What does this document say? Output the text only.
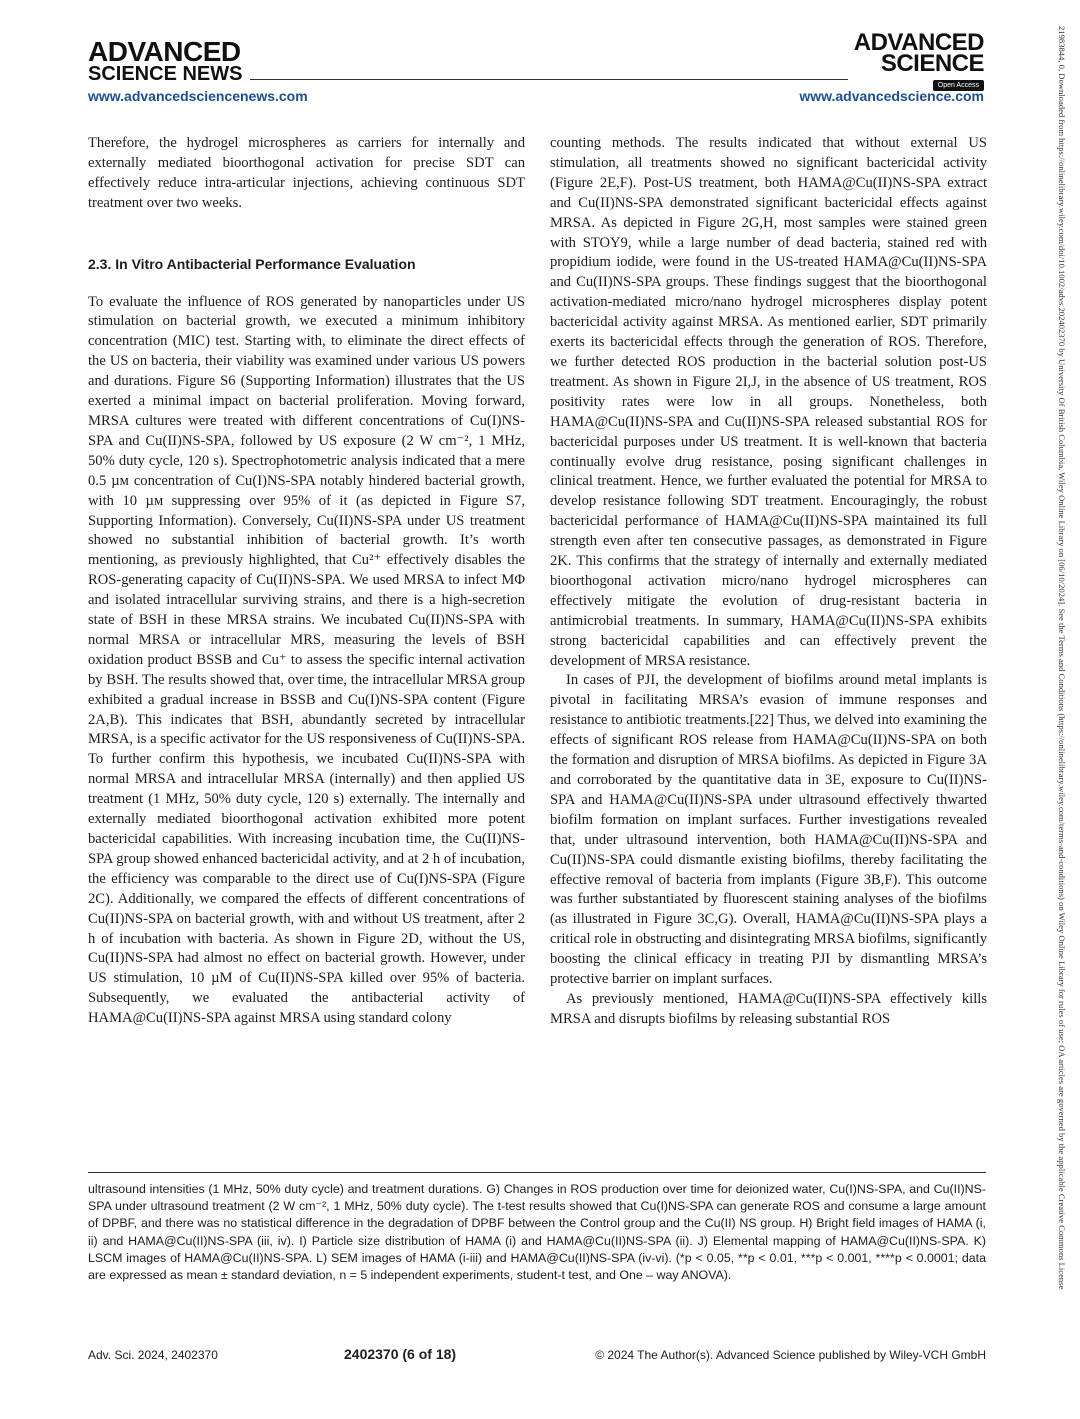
ADVANCED
SCIENCE NEWS
ADVANCED
SCIENCE
Open Access
www.advancedsciencenews.com	www.advancedscience.com

Therefore, the hydrogel microspheres as carriers for internally and externally mediated bioorthogonal activation for precise SDT can effectively reduce intra-articular injections, achieving continuous SDT treatment over two weeks.

2.3. In Vitro Antibacterial Performance Evaluation

To evaluate the influence of ROS generated by nanoparticles under US stimulation on bacterial growth, we executed a minimum inhibitory concentration (MIC) test. Starting with, to eliminate the direct effects of the US on bacteria, their viability was examined under various US powers and durations. Figure S6 (Supporting Information) illustrates that the US exerted a minimal impact on bacterial proliferation. Moving forward, MRSA cultures were treated with different concentrations of Cu(I)NS-SPA and Cu(II)NS-SPA, followed by US exposure (2 W cm⁻², 1 MHz, 50% duty cycle, 120 s). Spectrophotometric analysis indicated that a mere 0.5 µм concentration of Cu(I)NS-SPA notably hindered bacterial growth, with 10 µм suppressing over 95% of it (as depicted in Figure S7, Supporting Information). Conversely, Cu(II)NS-SPA under US treatment showed no substantial inhibition of bacterial growth. It’s worth mentioning, as previously highlighted, that Cu²⁺ effectively disables the ROS-generating capacity of Cu(II)NS-SPA. We used MRSA to infect MΦ and isolated intracellular surviving strains, and there is a high-secretion state of BSH in these MRSA strains. We incubated Cu(II)NS-SPA with normal MRSA or intracellular MRS, measuring the levels of BSH oxidation product BSSB and Cu⁺ to assess the specific internal activation by BSH. The results showed that, over time, the intracellular MRSA group exhibited a gradual increase in BSSB and Cu(I)NS-SPA content (Figure 2A,B). This indicates that BSH, abundantly secreted by intracellular MRSA, is a specific activator for the US responsiveness of Cu(II)NS-SPA. To further confirm this hypothesis, we incubated Cu(II)NS-SPA with normal MRSA and intracellular MRSA (internally) and then applied US treatment (1 MHz, 50% duty cycle, 120 s) externally. The internally and externally mediated bioorthogonal activation exhibited more potent bactericidal capabilities. With increasing incubation time, the Cu(II)NS-SPA group showed enhanced bactericidal activity, and at 2 h of incubation, the efficiency was comparable to the direct use of Cu(I)NS-SPA (Figure 2C). Additionally, we compared the effects of different concentrations of Cu(II)NS-SPA on bacterial growth, with and without US treatment, after 2 h of incubation with bacteria. As shown in Figure 2D, without the US, Cu(II)NS-SPA had almost no effect on bacterial growth. However, under US stimulation, 10 µM of Cu(II)NS-SPA killed over 95% of bacteria. Subsequently, we evaluated the antibacterial activity of HAMA@Cu(II)NS-SPA against MRSA using standard colony

counting methods. The results indicated that without external US stimulation, all treatments showed no significant bactericidal activity (Figure 2E,F). Post-US treatment, both HAMA@Cu(II)NS-SPA extract and Cu(II)NS-SPA demonstrated significant bactericidal effects against MRSA. As depicted in Figure 2G,H, most samples were stained green with STOY9, while a large number of dead bacteria, stained red with propidium iodide, were found in the US-treated HAMA@Cu(II)NS-SPA and Cu(II)NS-SPA groups. These findings suggest that the bioorthogonal activation-mediated micro/nano hydrogel microspheres display potent bactericidal activity against MRSA. As mentioned earlier, SDT primarily exerts its bactericidal effects through the generation of ROS. Therefore, we further detected ROS production in the bacterial solution post-US treatment. As shown in Figure 2I,J, in the absence of US treatment, ROS positivity rates were low in all groups. Nonetheless, both HAMA@Cu(II)NS-SPA and Cu(II)NS-SPA released substantial ROS for bactericidal purposes under US treatment. It is well-known that bacteria continually evolve drug resistance, posing significant challenges in clinical treatment. Hence, we further evaluated the potential for MRSA to develop resistance following SDT treatment. Encouragingly, the robust bactericidal performance of HAMA@Cu(II)NS-SPA maintained its full strength even after ten consecutive passages, as demonstrated in Figure 2K. This confirms that the strategy of internally and externally mediated bioorthogonal activation micro/nano hydrogel microspheres can effectively mitigate the evolution of drug-resistant bacteria in antimicrobial treatments. In summary, HAMA@Cu(II)NS-SPA exhibits strong bactericidal capabilities and can effectively prevent the development of MRSA resistance.

In cases of PJI, the development of biofilms around metal implants is pivotal in facilitating MRSA’s evasion of immune responses and resistance to antibiotic treatments.[22] Thus, we delved into examining the effects of significant ROS release from HAMA@Cu(II)NS-SPA on both the formation and disruption of MRSA biofilms. As depicted in Figure 3A and corroborated by the quantitative data in 3E, exposure to Cu(II)NS-SPA and HAMA@Cu(II)NS-SPA under ultrasound effectively thwarted biofilm formation on implant surfaces. Further investigations revealed that, under ultrasound intervention, both HAMA@Cu(II)NS-SPA and Cu(II)NS-SPA could dismantle existing biofilms, thereby facilitating the effective removal of bacteria from implants (Figure 3B,F). This outcome was further substantiated by fluorescent staining analyses of the biofilms (as illustrated in Figure 3C,G). Overall, HAMA@Cu(II)NS-SPA plays a critical role in obstructing and disintegrating MRSA biofilms, significantly boosting the clinical efficacy in treating PJI by dismantling MRSA’s protective barrier on implant surfaces.

As previously mentioned, HAMA@Cu(II)NS-SPA effectively kills MRSA and disrupts biofilms by releasing substantial ROS

ultrasound intensities (1 MHz, 50% duty cycle) and treatment durations. G) Changes in ROS production over time for deionized water, Cu(I)NS-SPA, and Cu(II)NS-SPA under ultrasound treatment (2 W cm⁻², 1 MHz, 50% duty cycle). The t-test results showed that Cu(I)NS-SPA can generate ROS and consume a large amount of DPBF, and there was no statistical difference in the degradation of DPBF between the Control group and the Cu(II) NS group. H) Bright field images of HAMA (i, ii) and HAMA@Cu(II)NS-SPA (iii, iv). I) Particle size distribution of HAMA (i) and HAMA@Cu(II)NS-SPA (ii). J) Elemental mapping of HAMA@Cu(II)NS-SPA. K) LSCM images of HAMA@Cu(II)NS-SPA. L) SEM images of HAMA (i-iii) and HAMA@Cu(II)NS-SPA (iv-vi). (*p < 0.05, **p < 0.01, ***p < 0.001, ****p < 0.0001; data are expressed as mean ± standard deviation, n = 5 independent experiments, student-t test, and One – way ANOVA).
Adv. Sci. 2024, 2402370	2402370 (6 of 18)	© 2024 The Author(s). Advanced Science published by Wiley-VCH GmbH
21983844, 0, Downloaded from https://onlinelibrary.wiley.com/doi/10.1002/advs.202402370 by University Of British Columbia, Wiley Online Library on [06/10/2024]. See the Terms and Conditions (https://onlinelibrary.wiley.com/terms-and-conditions) on Wiley Online Library for rules of use; OA articles are governed by the applicable Creative Commons License
